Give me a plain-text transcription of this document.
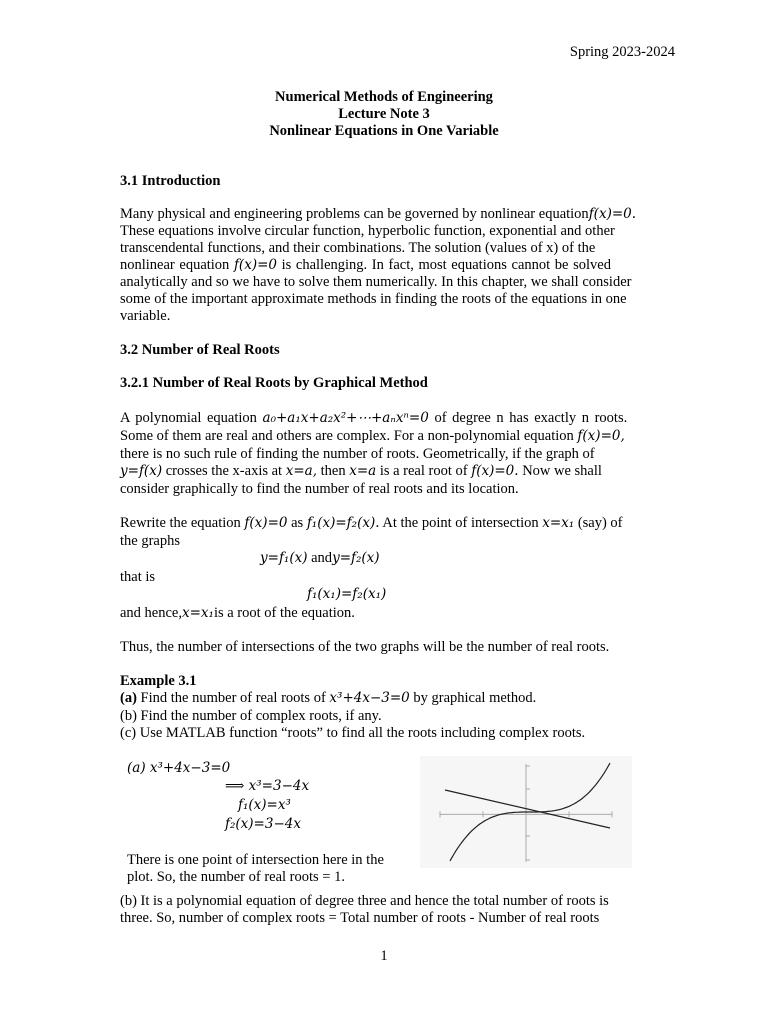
Spring 2023-2024
Numerical Methods of Engineering
Lecture Note 3
Nonlinear Equations in One Variable
3.1 Introduction
Many physical and engineering problems can be governed by nonlinear equationf(x)=0.
These equations involve circular function, hyperbolic function, exponential and other
transcendental functions, and their combinations. The solution (values of x) of the
nonlinear equation f(x)=0 is challenging. In fact, most equations cannot be solved
analytically and so we have to solve them numerically. In this chapter, we shall consider
some of the important approximate methods in finding the roots of the equations in one
variable.
3.2 Number of Real Roots
3.2.1 Number of Real Roots by Graphical Method
A polynomial equation a₀+a₁x+a₂x²+⋯+aₙxⁿ=0 of degree n has exactly n roots.
Some of them are real and others are complex. For a non-polynomial equation f(x)=0,
there is no such rule of finding the number of roots. Geometrically, if the graph of
y=f(x) crosses the x-axis at x=a, then x=a is a real root of f(x)=0. Now we shall
consider graphically to find the number of real roots and its location.
Rewrite the equation f(x)=0 as f₁(x)=f₂(x). At the point of intersection x=x₁ (say) of
the graphs
y=f₁(x) andy=f₂(x)
that is
f₁(x₁)=f₂(x₁)
and hence,x=x₁is a root of the equation.
Thus, the number of intersections of the two graphs will be the number of real roots.
Example 3.1
(a) Find the number of real roots of x³+4x−3=0 by graphical method.
(b) Find the number of complex roots, if any.
(c) Use MATLAB function “roots” to find all the roots including complex roots.
(a) x³+4x−3=0
⟹ x³=3−4x
f₁(x)=x³
f₂(x)=3−4x
There is one point of intersection here in the
plot. So, the number of real roots = 1.
(b) It is a polynomial equation of degree three and hence the total number of roots is
three. So, number of complex roots = Total number of roots - Number of real roots
1
